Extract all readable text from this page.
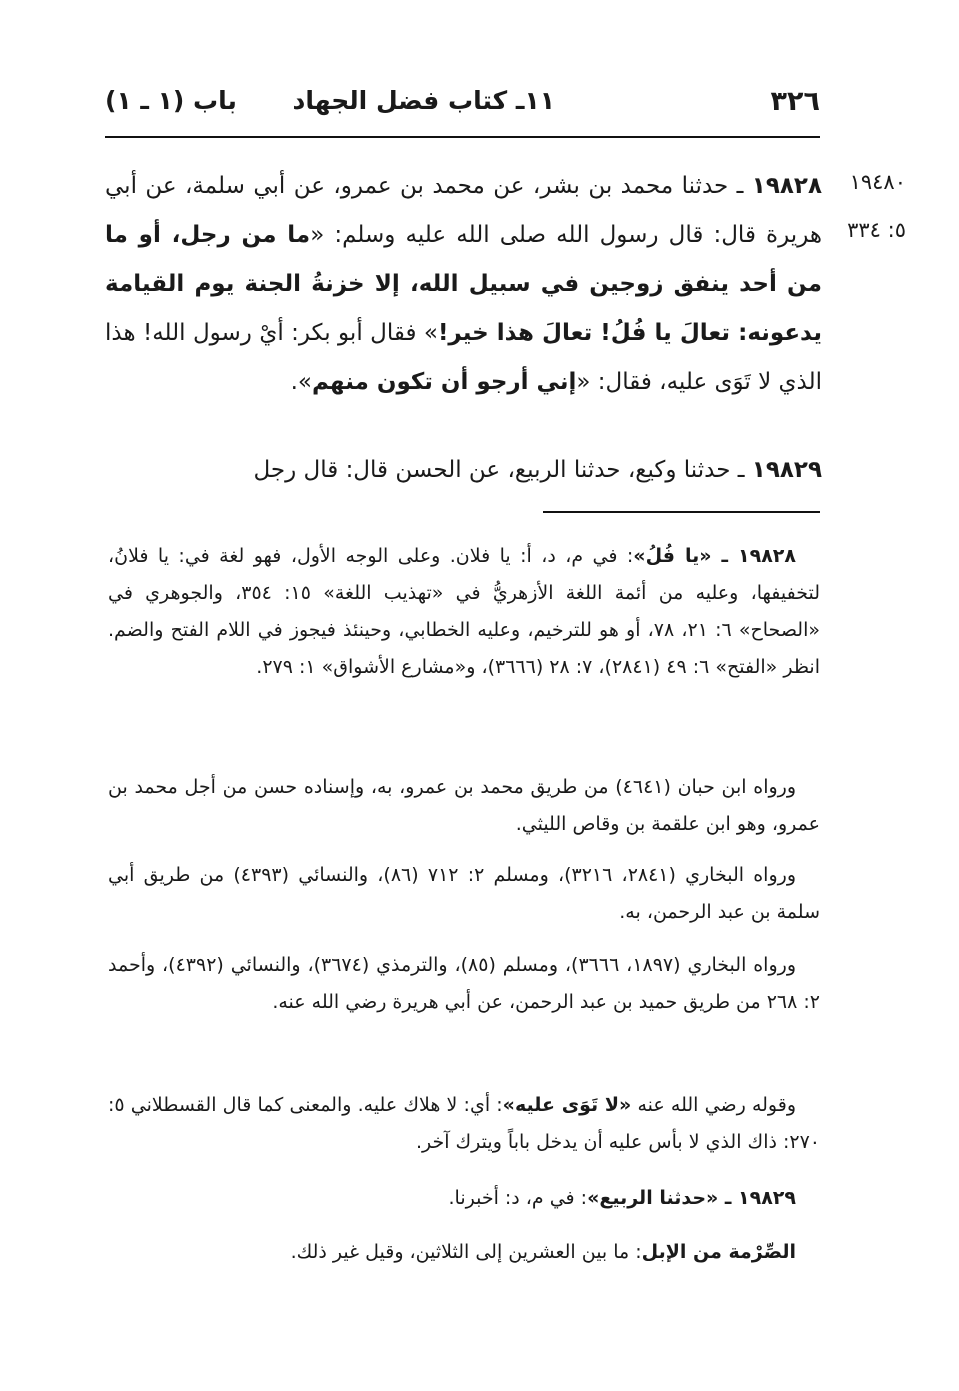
٣٢٦
١١ـ كتاب فضل الجهاد
باب (١ ـ ١)
١٩٤٨٠
٥: ٣٣٤

١٩٨٢٨ ـ حدثنا محمد بن بشر، عن محمد بن عمرو، عن أبي سلمة، عن أبي هريرة قال: قال رسول الله صلى الله عليه وسلم: «ما من رجل، أو ما من أحد ينفق زوجين في سبيل الله، إلا خزنةُ الجنة يوم القيامة يدعونه: تعالَ يا فُلُ! تعالَ هذا خير!» فقال أبو بكر: أيْ رسول الله! هذا الذي لا تَوَى عليه، فقال: «إني أرجو أن تكون منهم».

١٩٨٢٩ ـ حدثنا وكيع، حدثنا الربيع، عن الحسن قال: قال رجل

١٩٨٢٨ ـ «يا فُلُ»: في م، د، أ: يا فلان. وعلى الوجه الأول، فهو لغة في: يا فلانُ، لتخفيفها، وعليه من أئمة اللغة الأزهريُّ في «تهذيب اللغة» ١٥: ٣٥٤، والجوهري في «الصحاح» ٦: ٢١، ٧٨، أو هو للترخيم، وعليه الخطابي، وحينئذ فيجوز في اللام الفتح والضم. انظر «الفتح» ٦: ٤٩ (٢٨٤١)، ٧: ٢٨ (٣٦٦٦)، و«مشارع الأشواق» ١: ٢٧٩.

ورواه ابن حبان (٤٦٤١) من طريق محمد بن عمرو، به، وإسناده حسن من أجل محمد بن عمرو، وهو ابن علقمة بن وقاص الليثي.

ورواه البخاري (٢٨٤١، ٣٢١٦)، ومسلم ٢: ٧١٢ (٨٦)، والنسائي (٤٣٩٣) من طريق أبي سلمة بن عبد الرحمن، به.

ورواه البخاري (١٨٩٧، ٣٦٦٦)، ومسلم (٨٥)، والترمذي (٣٦٧٤)، والنسائي (٤٣٩٢)، وأحمد ٢: ٢٦٨ من طريق حميد بن عبد الرحمن، عن أبي هريرة رضي الله عنه.

وقوله رضي الله عنه «لا تَوَى عليه»: أي: لا هلاك عليه. والمعنى كما قال القسطلاني ٥: ٢٧٠: ذاك الذي لا بأس عليه أن يدخل باباً ويترك آخر.

١٩٨٢٩ ـ «حدثنا الربيع»: في م، د: أخبرنا.

الصِّرْمة من الإبل: ما بين العشرين إلى الثلاثين، وقيل غير ذلك.
